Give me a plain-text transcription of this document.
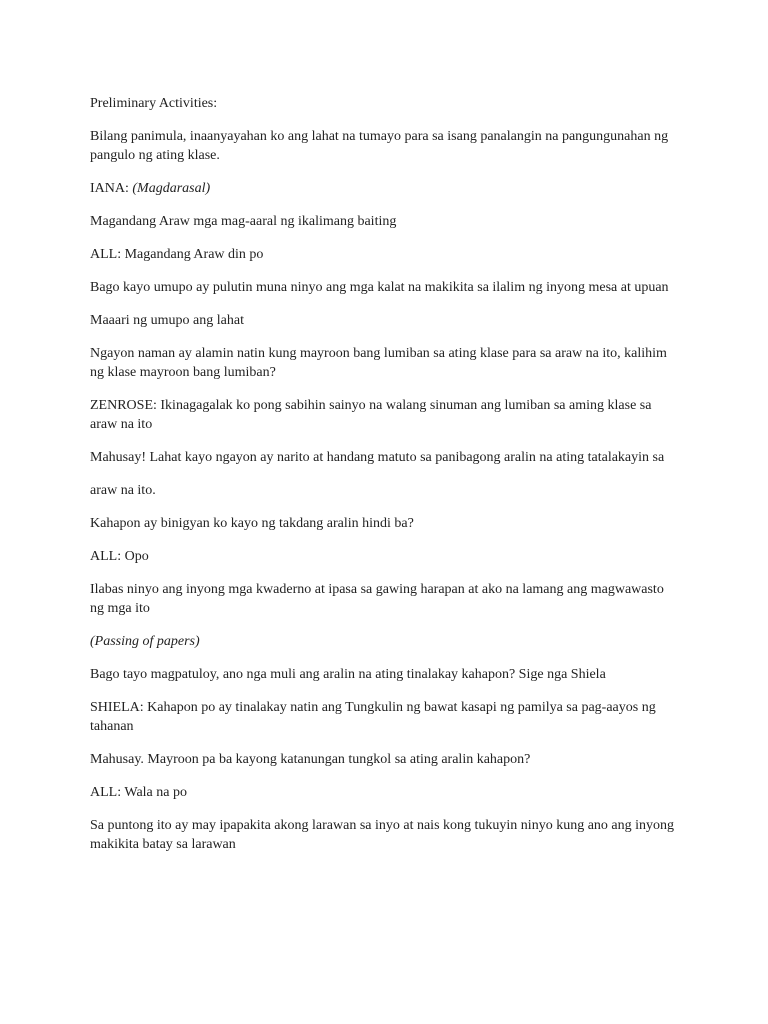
Preliminary Activities:

Bilang panimula, inaanyayahan ko ang lahat na tumayo para sa isang panalangin na pangungunahan ng pangulo ng ating klase.

IANA: (Magdarasal)

Magandang Araw mga mag-aaral ng ikalimang baiting

ALL: Magandang Araw din po

Bago kayo umupo ay pulutin muna ninyo ang mga kalat na makikita sa ilalim ng inyong mesa at upuan

Maaari ng umupo ang lahat

Ngayon naman ay alamin natin kung mayroon bang lumiban sa ating klase para sa araw na ito, kalihim ng klase mayroon bang lumiban?

ZENROSE: Ikinagagalak ko pong sabihin sainyo na walang sinuman ang lumiban sa aming klase sa araw na ito

Mahusay! Lahat kayo ngayon ay narito at handang matuto sa panibagong aralin na ating tatalakayin sa

araw na ito.

Kahapon ay binigyan ko kayo ng takdang aralin hindi ba?

ALL: Opo

Ilabas ninyo ang inyong mga kwaderno at ipasa sa gawing harapan at ako na lamang ang magwawasto ng mga ito

(Passing of papers)

Bago tayo magpatuloy, ano nga muli ang aralin na ating tinalakay kahapon? Sige nga Shiela

SHIELA: Kahapon po ay tinalakay natin ang Tungkulin ng bawat kasapi ng pamilya sa pag-aayos ng tahanan

Mahusay. Mayroon pa ba kayong katanungan tungkol sa ating aralin kahapon?

ALL: Wala na po

Sa puntong ito ay may ipapakita akong larawan sa inyo at nais kong tukuyin ninyo kung ano ang inyong makikita batay sa larawan
